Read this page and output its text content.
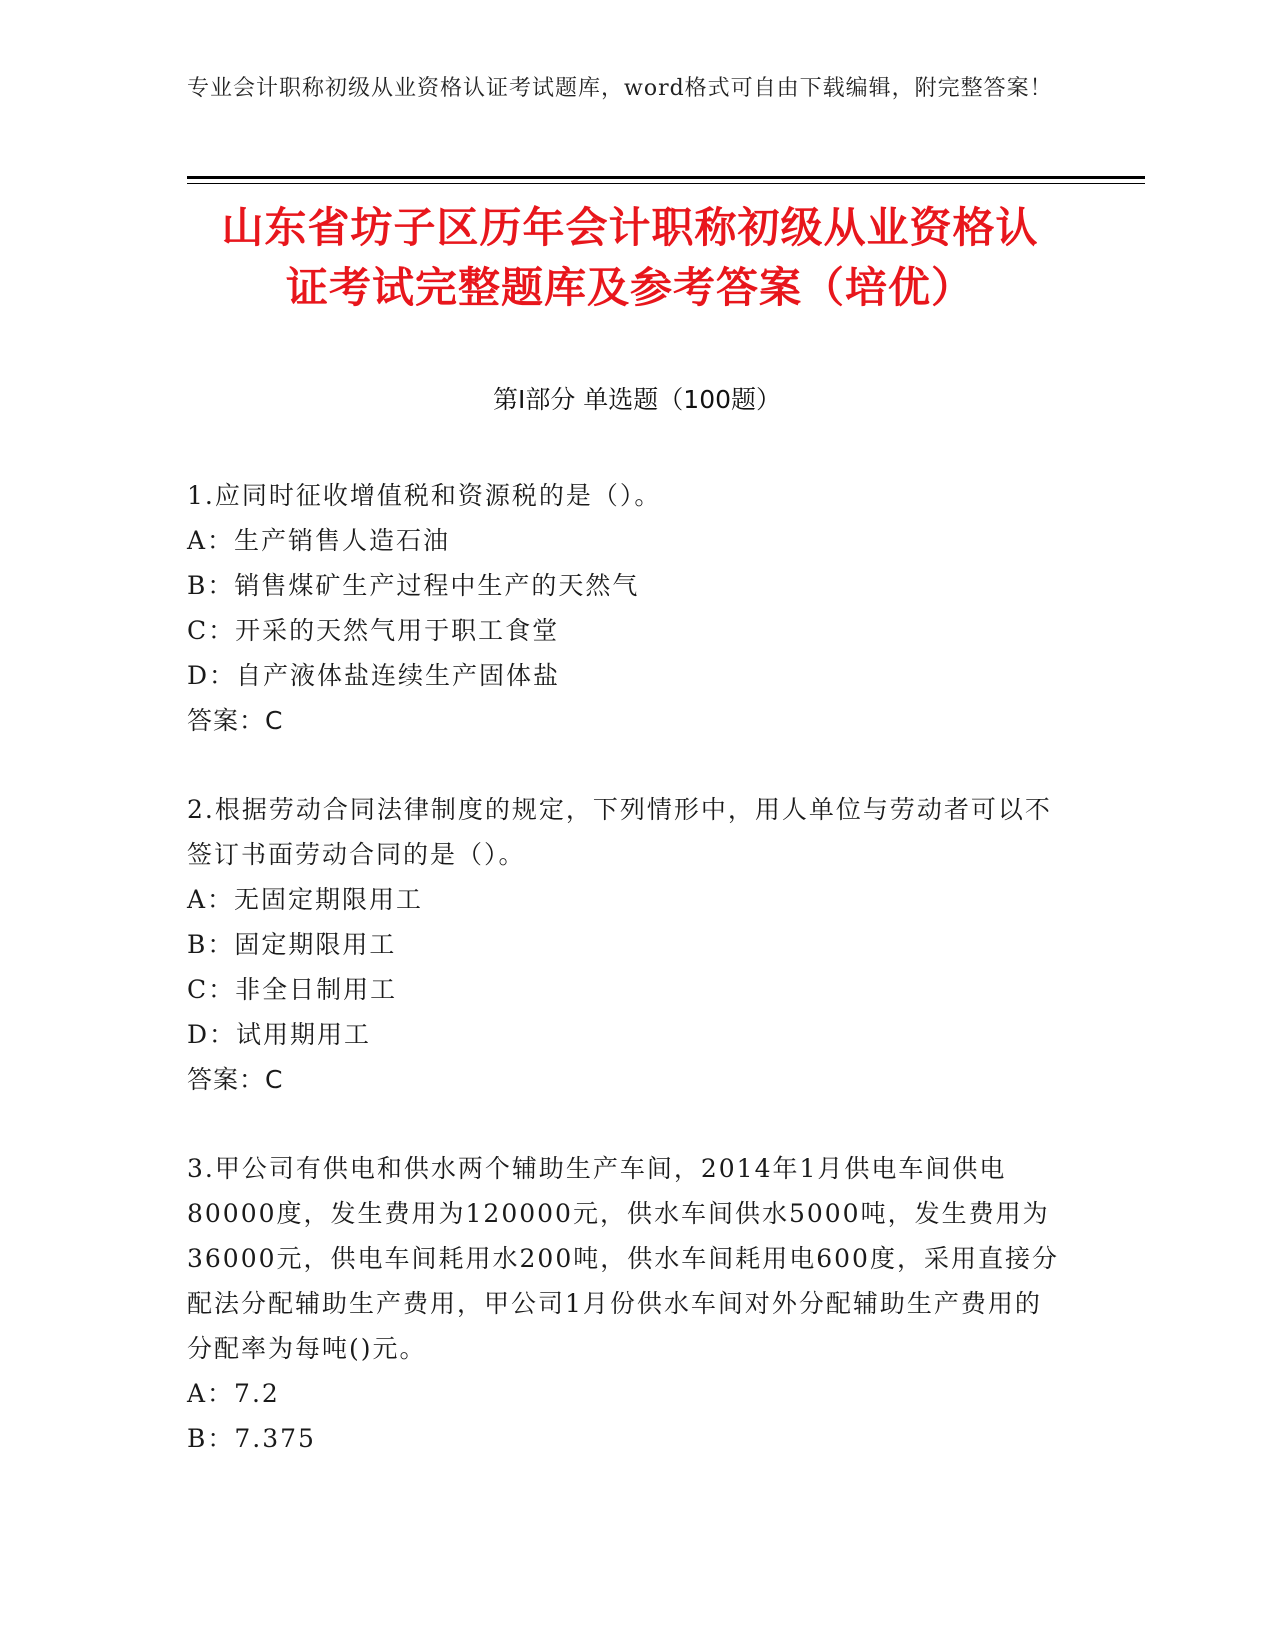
专业会计职称初级从业资格认证考试题库，word格式可自由下载编辑，附完整答案！
山东省坊子区历年会计职称初级从业资格认
证考试完整题库及参考答案（培优）
第Ⅰ部分 单选题（100题）
1.应同时征收增值税和资源税的是（）。
A：生产销售人造石油
B：销售煤矿生产过程中生产的天然气
C：开采的天然气用于职工食堂
D：自产液体盐连续生产固体盐
答案：C
2.根据劳动合同法律制度的规定，下列情形中，用人单位与劳动者可以不签订书面劳动合同的是（）。
A：无固定期限用工
B：固定期限用工
C：非全日制用工
D：试用期用工
答案：C
3.甲公司有供电和供水两个辅助生产车间，2014年1月供电车间供电80000度，发生费用为120000元，供水车间供水5000吨，发生费用为36000元，供电车间耗用水200吨，供水车间耗用电600度，采用直接分配法分配辅助生产费用，甲公司1月份供水车间对外分配辅助生产费用的分配率为每吨()元。
A：7.2
B：7.375
